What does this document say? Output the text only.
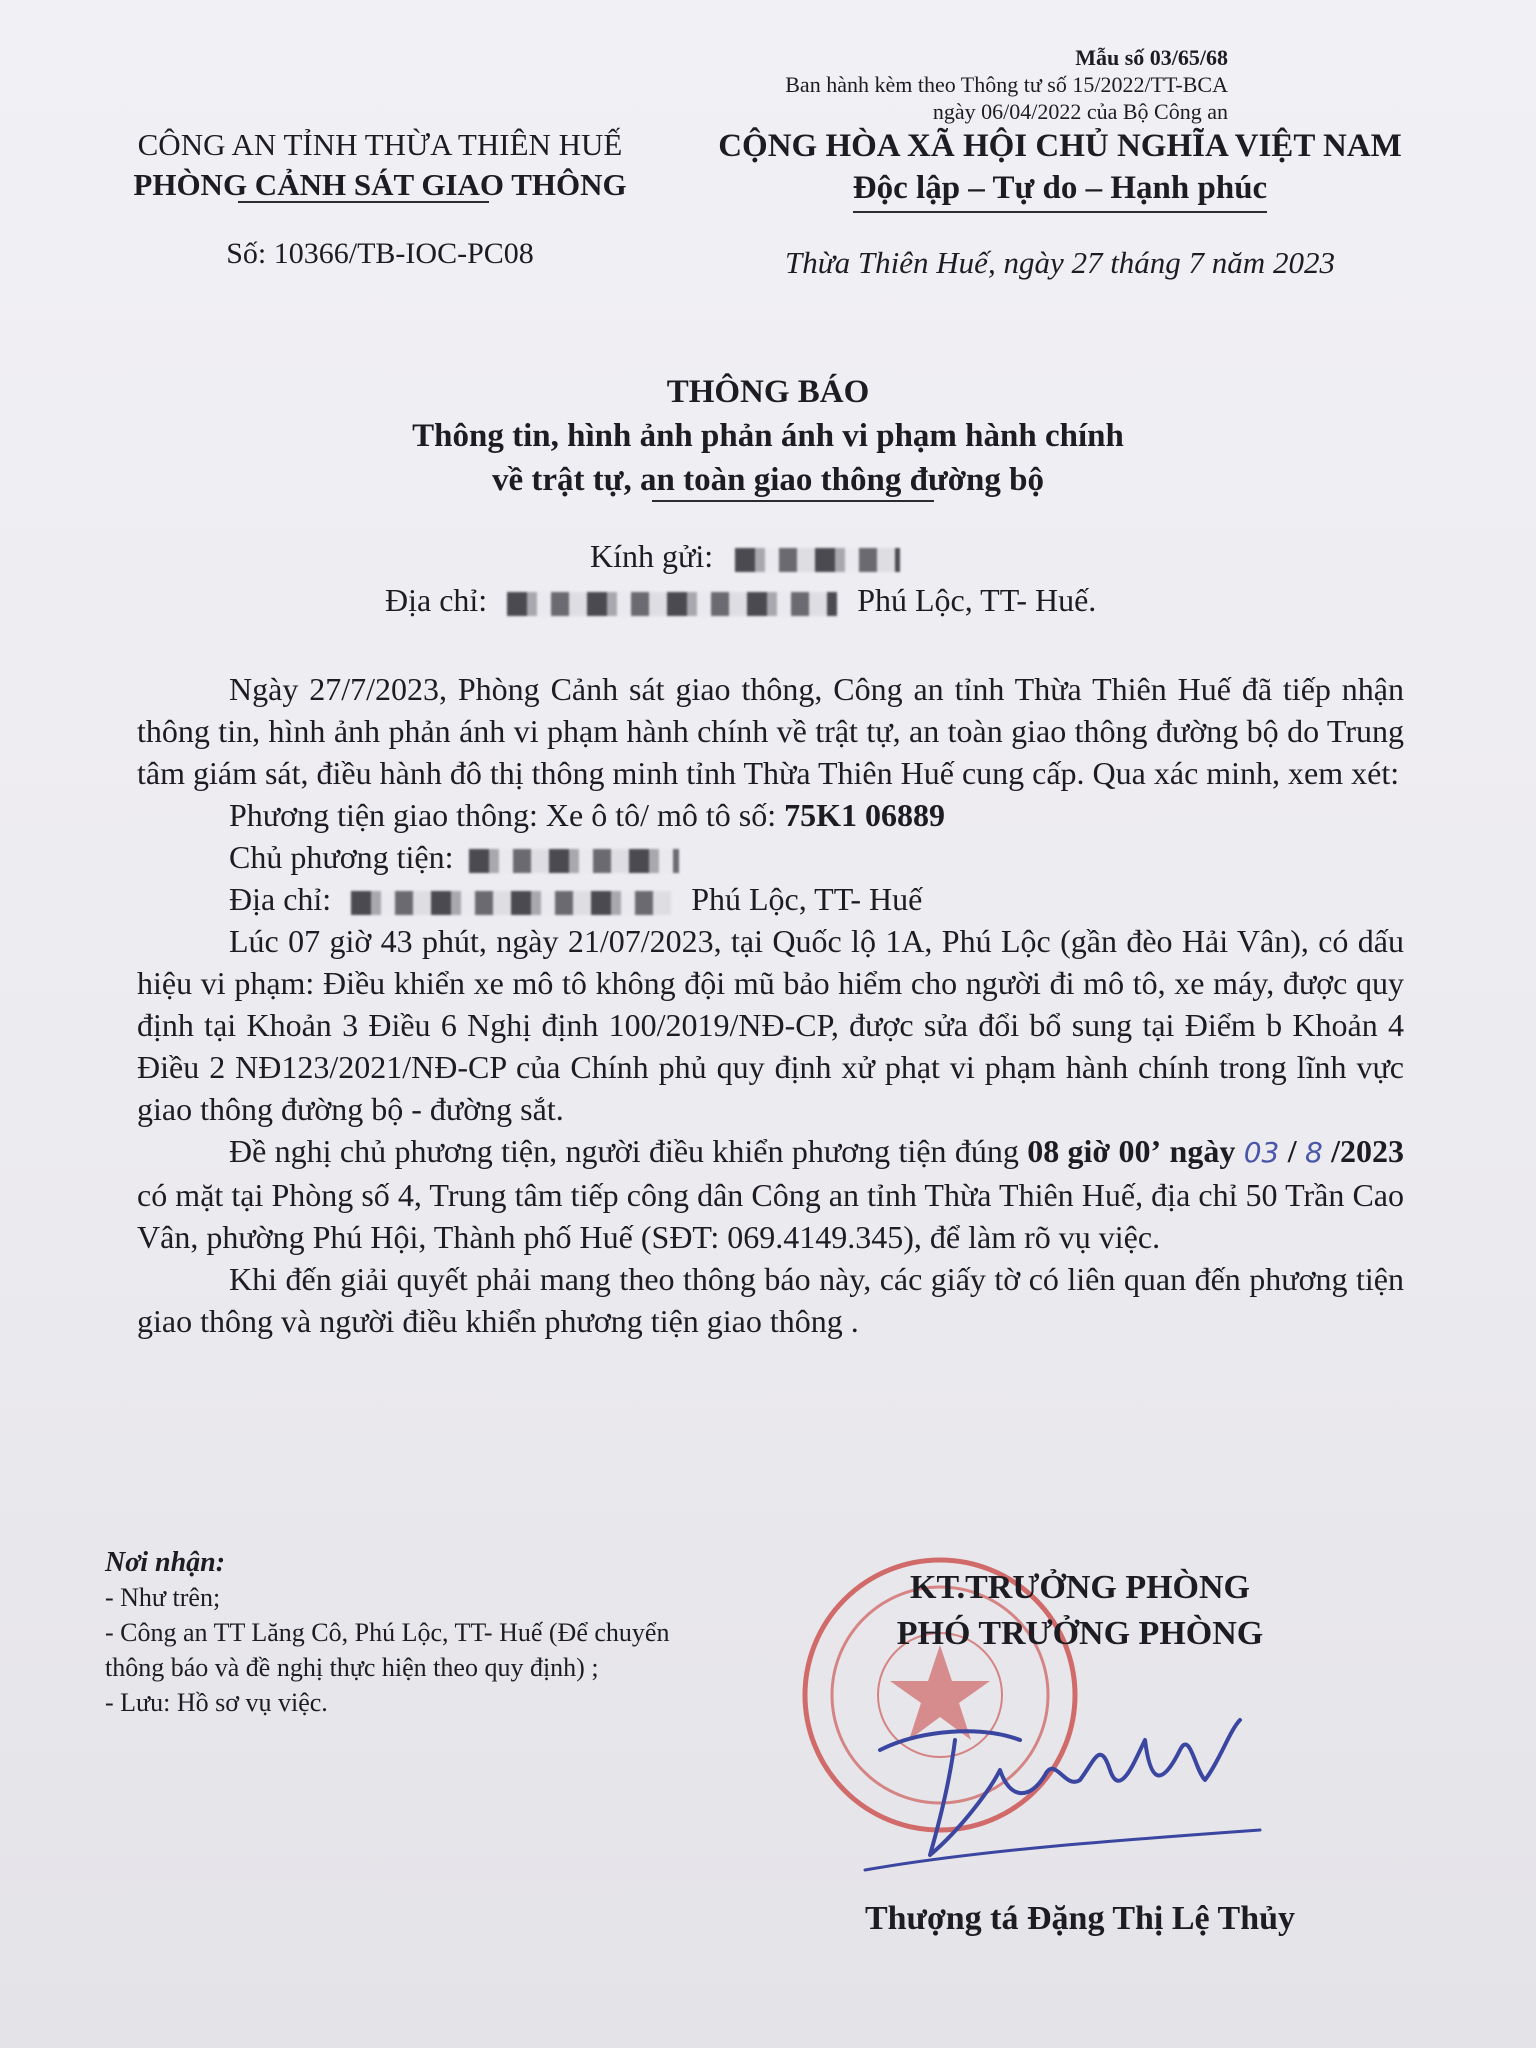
Mẫu số 03/65/68
Ban hành kèm theo Thông tư số 15/2022/TT-BCA
ngày 06/04/2022 của Bộ Công an
CÔNG AN TỈNH THỪA THIÊN HUẾ
PHÒNG CẢNH SÁT GIAO THÔNG
CỘNG HÒA XÃ HỘI CHỦ NGHĨA VIỆT NAM
Độc lập – Tự do – Hạnh phúc
Số: 10366/TB-IOC-PC08	Thừa Thiên Huế, ngày 27 tháng 7 năm 2023
THÔNG BÁO
Thông tin, hình ảnh phản ánh vi phạm hành chính
về trật tự, an toàn giao thông đường bộ
Kính gửi:
Địa chỉ:	Phú Lộc, TT- Huế.

Ngày 27/7/2023, Phòng Cảnh sát giao thông, Công an tỉnh Thừa Thiên Huế đã tiếp nhận thông tin, hình ảnh phản ánh vi phạm hành chính về trật tự, an toàn giao thông đường bộ do Trung tâm giám sát, điều hành đô thị thông minh tỉnh Thừa Thiên Huế cung cấp. Qua xác minh, xem xét:

Phương tiện giao thông: Xe ô tô/ mô tô số: 75K1 06889

Chủ phương tiện:

Địa chỉ:	Phú Lộc, TT- Huế

Lúc 07 giờ 43 phút, ngày 21/07/2023, tại Quốc lộ 1A, Phú Lộc (gần đèo Hải Vân), có dấu hiệu vi phạm: Điều khiển xe mô tô không đội mũ bảo hiểm cho người đi mô tô, xe máy, được quy định tại Khoản 3 Điều 6 Nghị định 100/2019/NĐ-CP, được sửa đổi bổ sung tại Điểm b Khoản 4 Điều 2 NĐ123/2021/NĐ-CP của Chính phủ quy định xử phạt vi phạm hành chính trong lĩnh vực giao thông đường bộ - đường sắt.

Đề nghị chủ phương tiện, người điều khiển phương tiện đúng 08 giờ 00’ ngày 03 / 8 /2023 có mặt tại Phòng số 4, Trung tâm tiếp công dân Công an tỉnh Thừa Thiên Huế, địa chỉ 50 Trần Cao Vân, phường Phú Hội, Thành phố Huế (SĐT: 069.4149.345), để làm rõ vụ việc.

Khi đến giải quyết phải mang theo thông báo này, các giấy tờ có liên quan đến phương tiện giao thông và người điều khiển phương tiện giao thông .

Nơi nhận:
- Như trên;
- Công an TT Lăng Cô, Phú Lộc, TT- Huế (Để chuyển thông báo và đề nghị thực hiện theo quy định) ;
- Lưu: Hồ sơ vụ việc.
KT.TRƯỞNG PHÒNG
PHÓ TRƯỞNG PHÒNG
Thượng tá Đặng Thị Lệ Thủy
